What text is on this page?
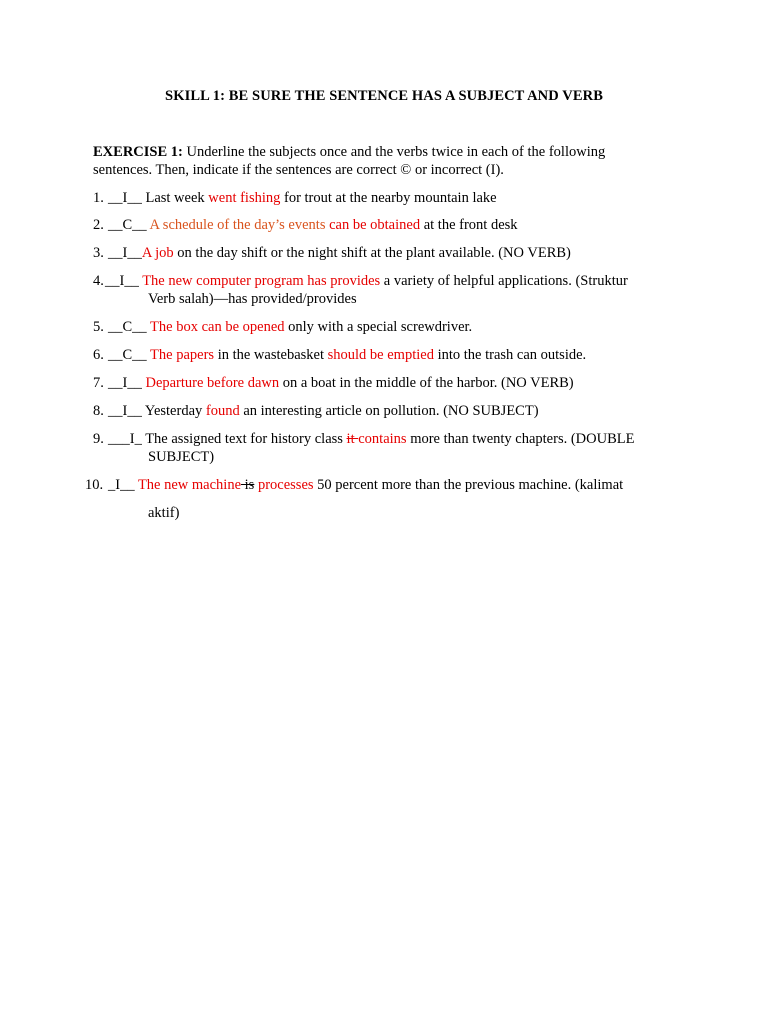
SKILL 1: BE SURE THE SENTENCE HAS A SUBJECT AND VERB
EXERCISE 1: Underline the subjects once and the verbs twice in each of the following sentences. Then, indicate if the sentences are correct © or incorrect (I).
1. __I__ Last week went fishing for trout at the nearby mountain lake
2. __C__ A schedule of the day’s events can be obtained at the front desk
3. __I__A job on the day shift or the night shift at the plant available. (NO VERB)
4. __I__ The new computer program has provides a variety of helpful applications. (Struktur
Verb salah)—has provided/provides
5. __C__ The box can be opened only with a special screwdriver.
6. __C__ The papers in the wastebasket should be emptied into the trash can outside.
7. __I__ Departure before dawn on a boat in the middle of the harbor. (NO VERB)
8. __I__ Yesterday found an interesting article on pollution. (NO SUBJECT)
9. ___I_ The assigned text for history class it contains more than twenty chapters. (DOUBLE
SUBJECT)
10. _I__ The new machine is processes 50 percent more than the previous machine. (kalimat
aktif)
